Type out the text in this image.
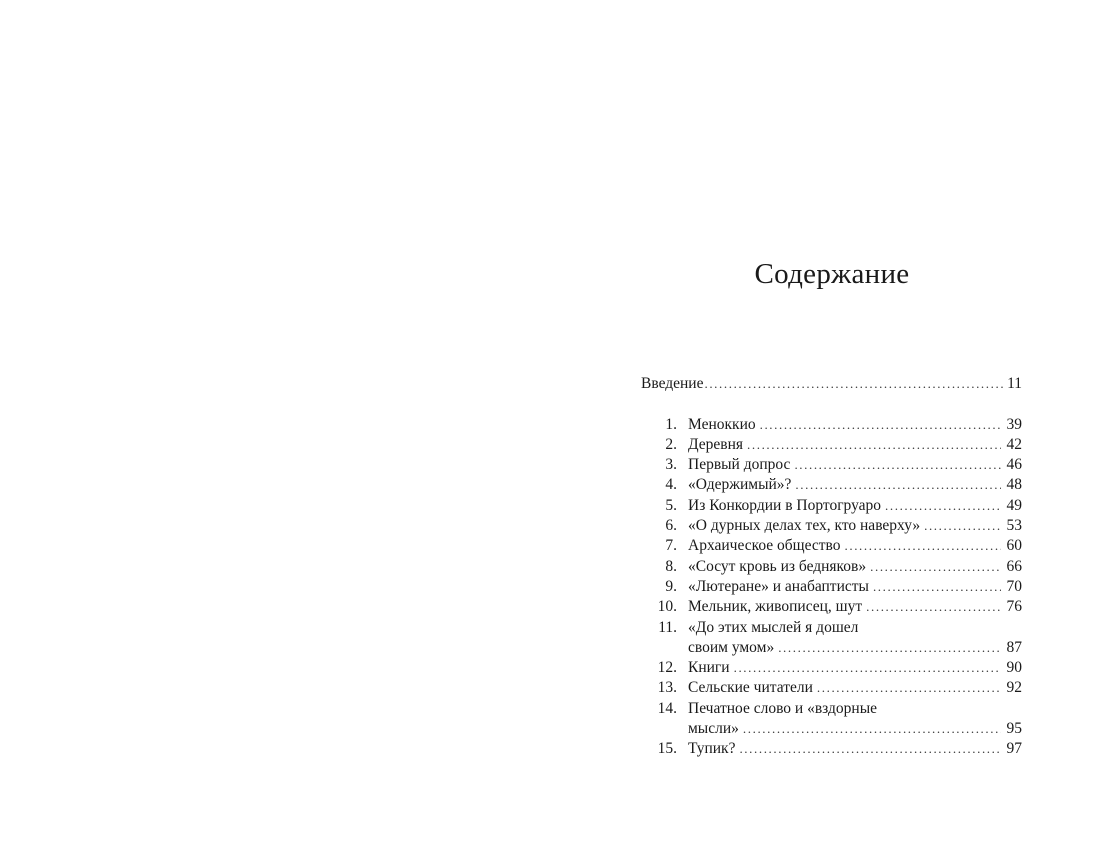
Содержание
Введение .....	11
1. Меноккио .....	39
2. Деревня .....	42
3. Первый допрос .....	46
4. «Одержимый»? .....	48
5. Из Конкордии в Портогруаро .....	49
6. «О дурных делах тех, кто наверху» .....	53
7. Архаическое общество .....	60
8. «Сосут кровь из бедняков» .....	66
9. «Лютеране» и анабаптисты .....	70
10. Мельник, живописец, шут .....	76
11. «До этих мыслей я дошел
своим умом» .....	87
12. Книги .....	90
13. Сельские читатели .....	92
14. Печатное слово и «вздорные
мысли» .....	95
15. Тупик? .....	97
